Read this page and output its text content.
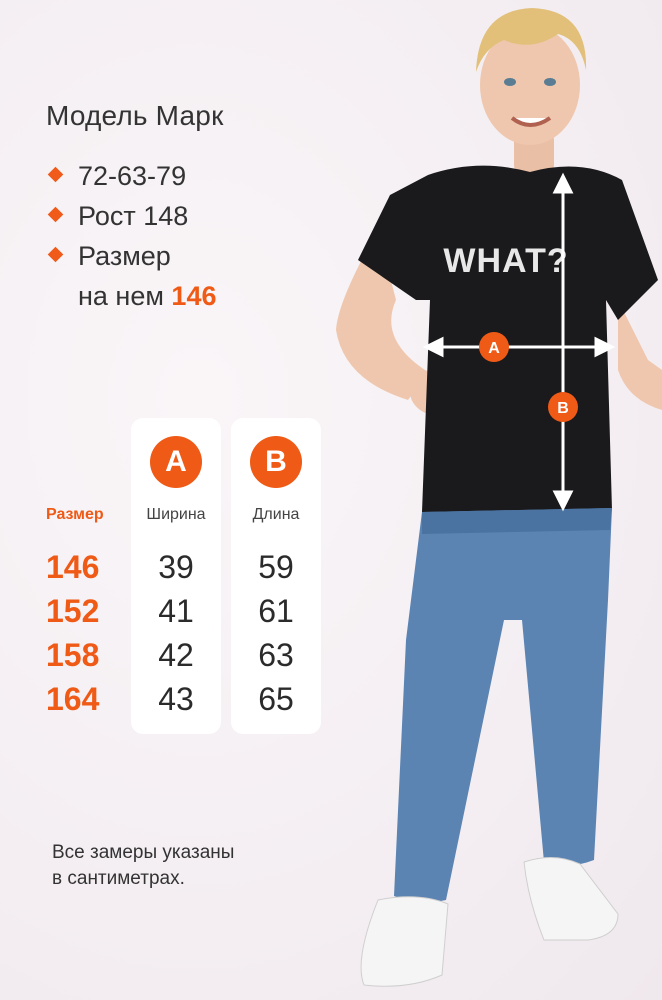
Модель Марк
72-63-79
Рост 148
Размер
на нем 146
Размер
146
152
158
164
A
Ширина
39
41
42
43
B
Длина
59
61
63
65
Все замеры указаны
в сантиметрах.
WHAT?
A
B
